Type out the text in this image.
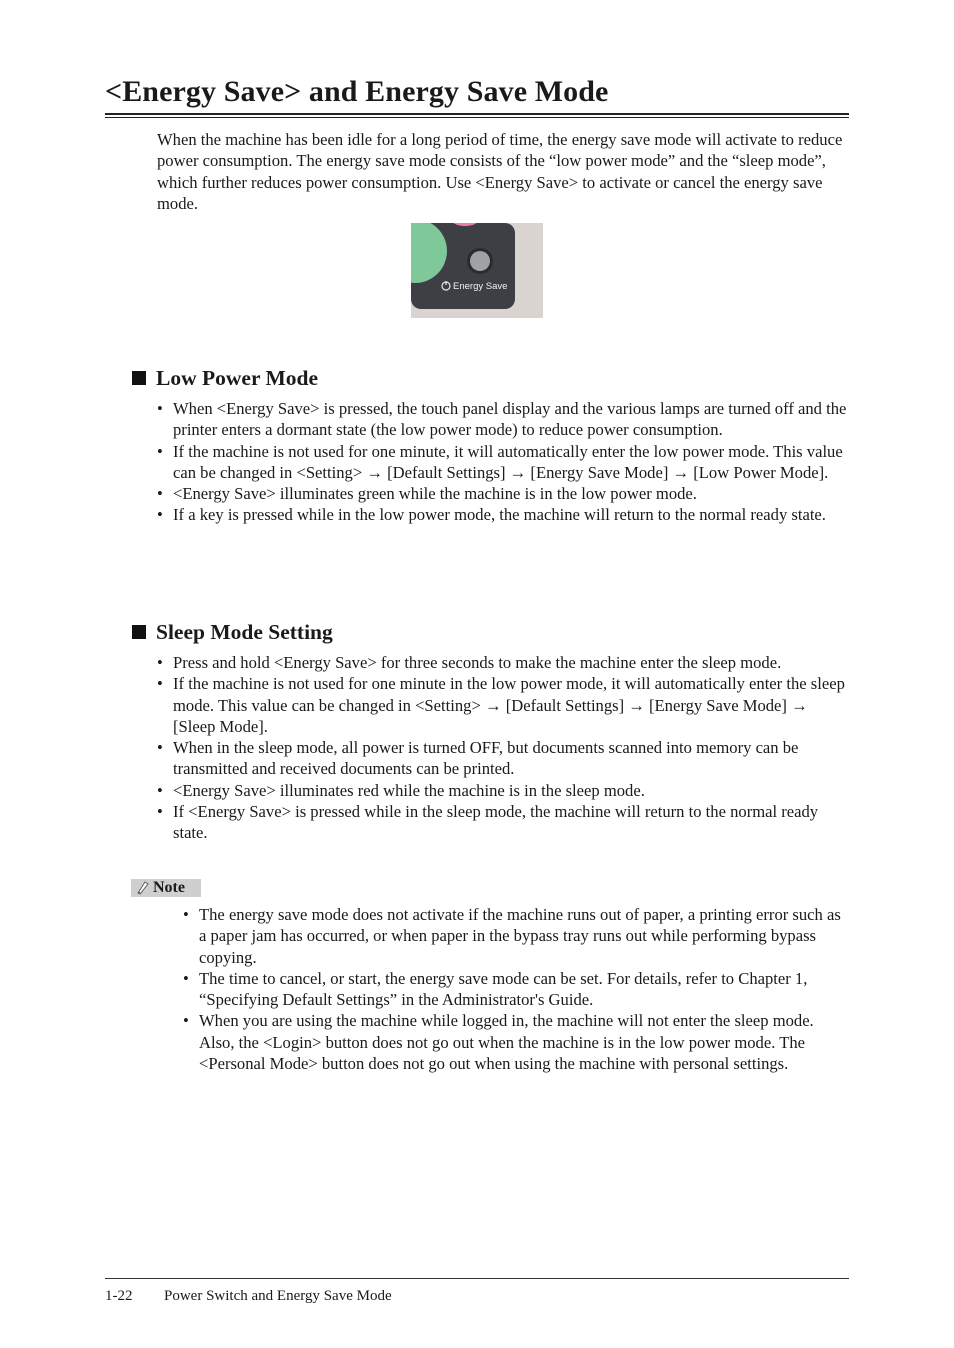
<Energy Save> and Energy Save Mode

When the machine has been idle for a long period of time, the energy save mode will activate to reduce power consumption. The energy save mode consists of the “low power mode” and the “sleep mode”, which further reduces power consumption. Use <Energy Save> to activate or cancel the energy save mode.

Energy Save
Low Power Mode
• When <Energy Save> is pressed, the touch panel display and the various lamps are turned off and the printer enters a dormant state (the low power mode) to reduce power consumption.
• If the machine is not used for one minute, it will automatically enter the low power mode. This value can be changed in <Setting> → [Default Settings] → [Energy Save Mode] → [Low Power Mode].
• <Energy Save> illuminates green while the machine is in the low power mode.
• If a key is pressed while in the low power mode, the machine will return to the normal ready state.
Sleep Mode Setting
• Press and hold <Energy Save> for three seconds to make the machine enter the sleep mode.
• If the machine is not used for one minute in the low power mode, it will automatically enter the sleep mode. This value can be changed in <Setting> → [Default Settings] → [Energy Save Mode] → [Sleep Mode].
• When in the sleep mode, all power is turned OFF, but documents scanned into memory can be transmitted and received documents can be printed.
• <Energy Save> illuminates red while the machine is in the sleep mode.
• If <Energy Save> is pressed while in the sleep mode, the machine will return to the normal ready state.
Note
• The energy save mode does not activate if the machine runs out of paper, a printing error such as a paper jam has occurred, or when paper in the bypass tray runs out while performing bypass copying.
• The time to cancel, or start, the energy save mode can be set. For details, refer to Chapter 1, “Specifying Default Settings” in the Administrator's Guide.
• When you are using the machine while logged in, the machine will not enter the sleep mode. Also, the <Login> button does not go out when the machine is in the low power mode. The <Personal Mode> button does not go out when using the machine with personal settings.
1-22 Power Switch and Energy Save Mode
